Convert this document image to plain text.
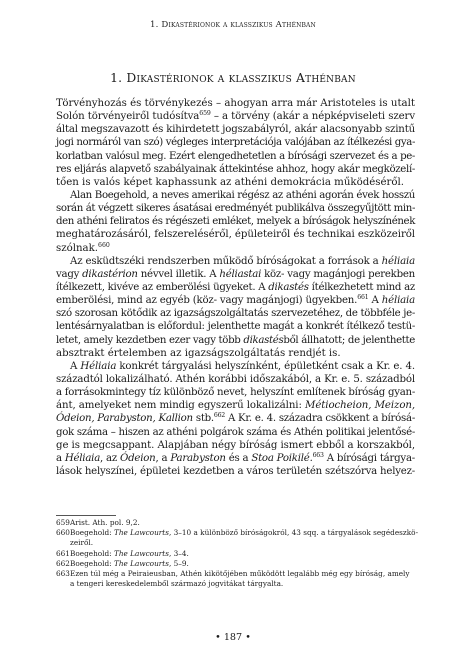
1. Dikastérionok a klasszikus Athénban
1. Dikastérionok a klasszikus Athénban
Törvényhozás és törvénykezés – ahogyan arra már Aristoteles is utalt
Solón törvényeiről tudósítva$^{659}$ – a törvény (akár a népképviseleti szerv
által megszavazott és kihirdetett jogszabályról, akár alacsonyabb szintű
jogi normáról van szó) végleges interpretációja valójában az ítélkezési gya-
korlatban valósul meg. Ezért elengedhetetlen a bírósági szervezet és a pe-
res eljárás alapvető szabályainak áttekintése ahhoz, hogy akár megközelí-
tően is valós képet kaphassunk az athéni demokrácia működéséről.
Alan Boegehold, a neves amerikai régész az athéni agorán évek hosszú
során át végzett sikeres ásatásai eredményét publikálva összegyűjtött min-
den athéni feliratos és régészeti emléket, melyek a bíróságok helyszínének
meghatározásáról, felszereléséről, épületeiről és technikai eszközeiről
szólnak.$^{660}$
Az esküdtszéki rendszerben működő bíróságokat a források a héliaia
vagy dikastérion névvel illetik. A héliastai köz- vagy magánjogi perekben
ítélkezett, kivéve az emberölési ügyeket. A dikastés ítélkezhetett mind az
emberölési, mind az egyéb (köz- vagy magánjogi) ügyekben.$^{661}$ A héliaia
szó szorosan kötődik az igazságszolgáltatás szervezetéhez, de többféle je-
lentésárnyalatban is előfordul: jelenthette magát a konkrét ítélkező testü-
letet, amely kezdetben ezer vagy több dikastésből állhatott; de jelenthette
absztrakt értelemben az igazságszolgáltatás rendjét is.
A Héliaia konkrét tárgyalási helyszínként, épületként csak a Kr. e. 4.
századtól lokalizálható. Athén korábbi időszakából, a Kr. e. 5. századból
a forrásokmintegy tíz különböző nevet, helyszínt említenek bíróság gyan-
ánt, amelyeket nem mindig egyszerű lokalizálni: Métiocheion, Meizon,
Ódeion, Parabyston, Kallion stb.$^{662}$ A Kr. e. 4. századra csökkent a bírósá-
gok száma – hiszen az athéni polgárok száma és Athén politikai jelentősé-
ge is megcsappant. Alapjában négy bíróság ismert ebből a korszakból,
a Héliaia, az Ódeion, a Parabyston és a Stoa Poikilé.$^{663}$ A bírósági tárgya-
lások helyszínei, épületei kezdetben a város területén szétszórva helyez-
659Arist. Ath. pol. 9,2.
660Boegehold: The Lawcourts, 3–10 a különböző bíróságokról, 43 sqq. a tárgyalások segédeszkö-
zeiről.
661Boegehold: The Lawcourts, 3–4.
662Boegehold: The Lawcourts, 5–9.
663Ezen túl még a Peiraieusban, Athén kikötőjében működött legalább még egy bíróság, amely
a tengeri kereskedelemből származó jogvitákat tárgyalta.
• 187 •
